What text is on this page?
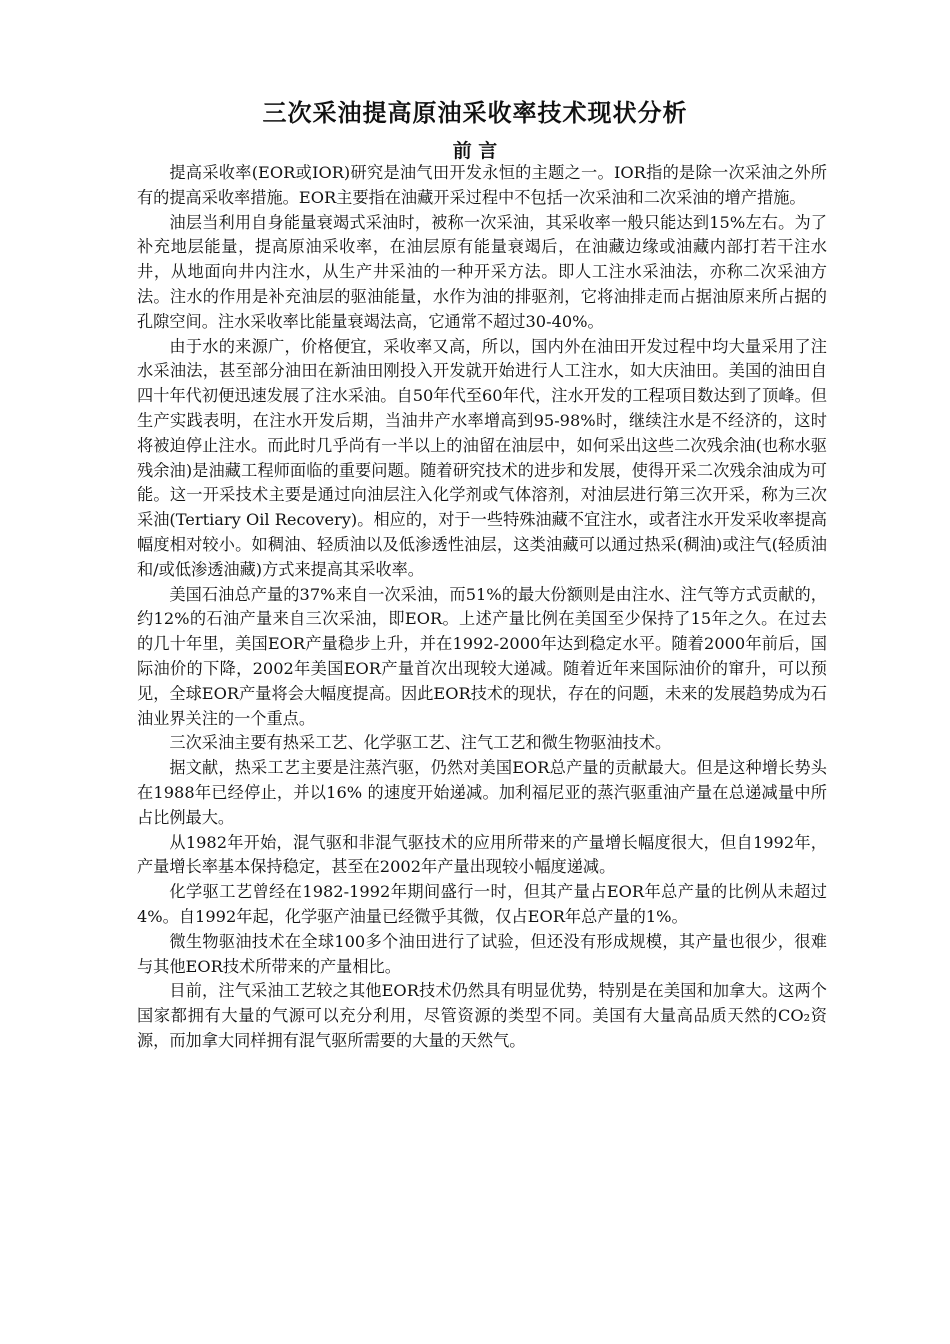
三次采油提高原油采收率技术现状分析
前 言

提高采收率(EOR或IOR)研究是油气田开发永恒的主题之一。IOR指的是除一次采油之外所有的提高采收率措施。EOR主要指在油藏开采过程中不包括一次采油和二次采油的增产措施。

油层当利用自身能量衰竭式采油时，被称一次采油，其采收率一般只能达到15%左右。为了补充地层能量，提高原油采收率，在油层原有能量衰竭后，在油藏边缘或油藏内部打若干注水井，从地面向井内注水，从生产井采油的一种开采方法。即人工注水采油法，亦称二次采油方法。注水的作用是补充油层的驱油能量，水作为油的排驱剂，它将油排走而占据油原来所占据的孔隙空间。注水采收率比能量衰竭法高，它通常不超过30-40%。

由于水的来源广，价格便宜，采收率又高，所以，国内外在油田开发过程中均大量采用了注水采油法，甚至部分油田在新油田刚投入开发就开始进行人工注水，如大庆油田。美国的油田自四十年代初便迅速发展了注水采油。自50年代至60年代，注水开发的工程项目数达到了顶峰。但生产实践表明，在注水开发后期，当油井产水率增高到95-98%时，继续注水是不经济的，这时将被迫停止注水。而此时几乎尚有一半以上的油留在油层中，如何采出这些二次残余油(也称水驱残余油)是油藏工程师面临的重要问题。随着研究技术的进步和发展，使得开采二次残余油成为可能。这一开采技术主要是通过向油层注入化学剂或气体溶剂，对油层进行第三次开采，称为三次采油(Tertiary Oil Recovery)。相应的，对于一些特殊油藏不宜注水，或者注水开发采收率提高幅度相对较小。如稠油、轻质油以及低渗透性油层，这类油藏可以通过热采(稠油)或注气(轻质油和/或低渗透油藏)方式来提高其采收率。

美国石油总产量的37%来自一次采油，而51%的最大份额则是由注水、注气等方式贡献的，约12%的石油产量来自三次采油，即EOR。上述产量比例在美国至少保持了15年之久。在过去的几十年里，美国EOR产量稳步上升，并在1992-2000年达到稳定水平。随着2000年前后，国际油价的下降，2002年美国EOR产量首次出现较大递减。随着近年来国际油价的窜升，可以预见，全球EOR产量将会大幅度提高。因此EOR技术的现状，存在的问题，未来的发展趋势成为石油业界关注的一个重点。

三次采油主要有热采工艺、化学驱工艺、注气工艺和微生物驱油技术。

据文献，热采工艺主要是注蒸汽驱，仍然对美国EOR总产量的贡献最大。但是这种增长势头在1988年已经停止，并以16% 的速度开始递减。加利福尼亚的蒸汽驱重油产量在总递减量中所占比例最大。

从1982年开始，混气驱和非混气驱技术的应用所带来的产量增长幅度很大，但自1992年，产量增长率基本保持稳定，甚至在2002年产量出现较小幅度递减。

化学驱工艺曾经在1982-1992年期间盛行一时，但其产量占EOR年总产量的比例从未超过4%。自1992年起，化学驱产油量已经微乎其微，仅占EOR年总产量的1%。

微生物驱油技术在全球100多个油田进行了试验，但还没有形成规模，其产量也很少，很难与其他EOR技术所带来的产量相比。

目前，注气采油工艺较之其他EOR技术仍然具有明显优势，特别是在美国和加拿大。这两个国家都拥有大量的气源可以充分利用，尽管资源的类型不同。美国有大量高品质天然的CO₂资源，而加拿大同样拥有混气驱所需要的大量的天然气。
